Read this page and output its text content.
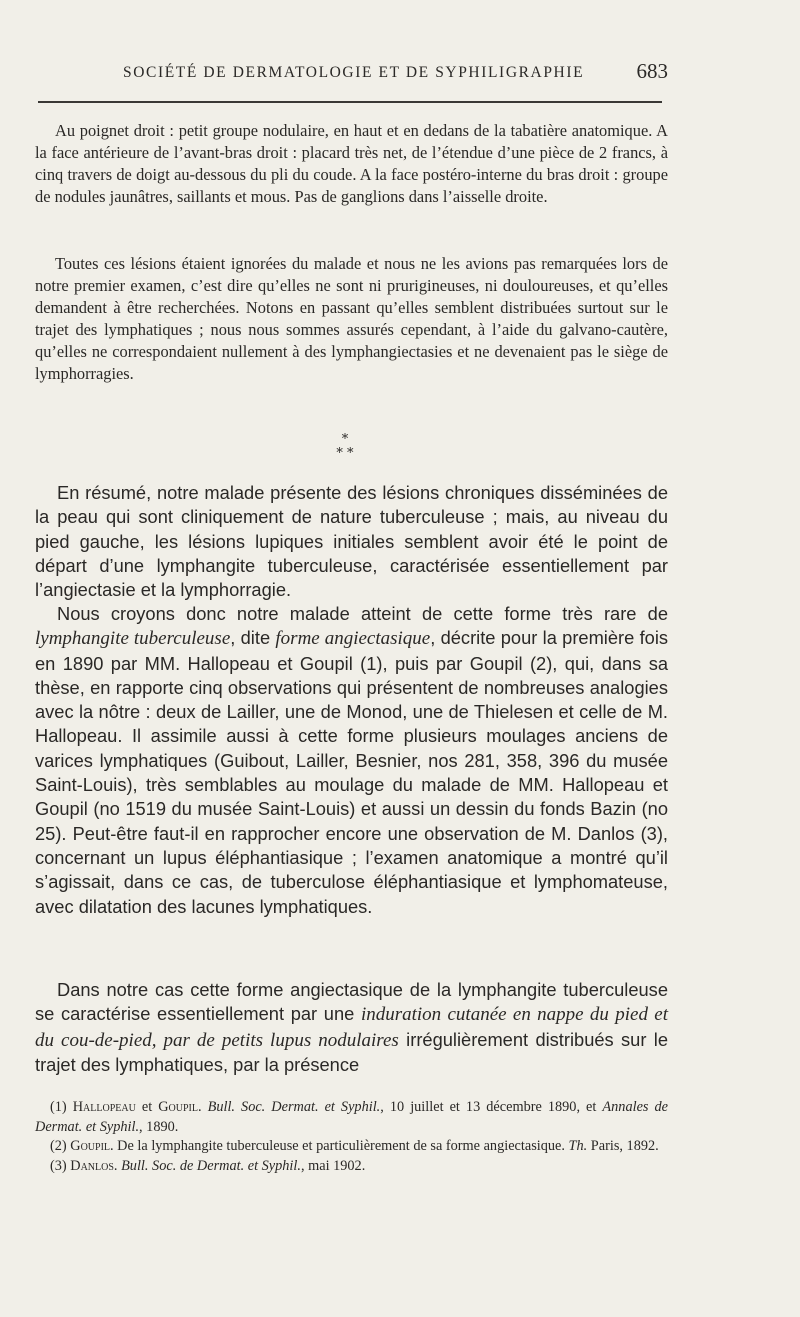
SOCIÉTÉ DE DERMATOLOGIE ET DE SYPHILIGRAPHIE 683

Au poignet droit : petit groupe nodulaire, en haut et en dedans de la tabatière anatomique. A la face antérieure de l’avant-bras droit : placard très net, de l’étendue d’une pièce de 2 francs, à cinq travers de doigt au-dessous du pli du coude. A la face postéro-interne du bras droit : groupe de nodules jaunâtres, saillants et mous. Pas de ganglions dans l’aisselle droite.

Toutes ces lésions étaient ignorées du malade et nous ne les avions pas remarquées lors de notre premier examen, c’est dire qu’elles ne sont ni prurigineuses, ni douloureuses, et qu’elles demandent à être recherchées. Notons en passant qu’elles semblent distribuées surtout sur le trajet des lymphatiques ; nous nous sommes assurés cependant, à l’aide du galvano-cautère, qu’elles ne correspondaient nullement à des lymphangiectasies et ne devenaient pas le siège de lymphorragies.

*
* *

En résumé, notre malade présente des lésions chroniques disséminées de la peau qui sont cliniquement de nature tuberculeuse ; mais, au niveau du pied gauche, les lésions lupiques initiales semblent avoir été le point de départ d’une lymphangite tuberculeuse, caractérisée essentiellement par l’angiectasie et la lymphorragie.

Nous croyons donc notre malade atteint de cette forme très rare de lymphangite tuberculeuse, dite forme angiectasique, décrite pour la première fois en 1890 par MM. Hallopeau et Goupil (1), puis par Goupil (2), qui, dans sa thèse, en rapporte cinq observations qui présentent de nombreuses analogies avec la nôtre : deux de Lailler, une de Monod, une de Thielesen et celle de M. Hallopeau. Il assimile aussi à cette forme plusieurs moulages anciens de varices lymphatiques (Guibout, Lailler, Besnier, nos 281, 358, 396 du musée Saint-Louis), très semblables au moulage du malade de MM. Hallopeau et Goupil (no 1519 du musée Saint-Louis) et aussi un dessin du fonds Bazin (no 25). Peut-être faut-il en rapprocher encore une observation de M. Danlos (3), concernant un lupus éléphantiasique ; l’examen anatomique a montré qu’il s’agissait, dans ce cas, de tuberculose éléphantiasique et lymphomateuse, avec dilatation des lacunes lymphatiques.

Dans notre cas cette forme angiectasique de la lymphangite tuberculeuse se caractérise essentiellement par une induration cutanée en nappe du pied et du cou-de-pied, par de petits lupus nodulaires irrégulièrement distribués sur le trajet des lymphatiques, par la présence

(1) Hallopeau et Goupil. Bull. Soc. Dermat. et Syphil., 10 juillet et 13 décembre 1890, et Annales de Dermat. et Syphil., 1890.

(2) Goupil. De la lymphangite tuberculeuse et particulièrement de sa forme angiectasique. Th. Paris, 1892.

(3) Danlos. Bull. Soc. de Dermat. et Syphil., mai 1902.
